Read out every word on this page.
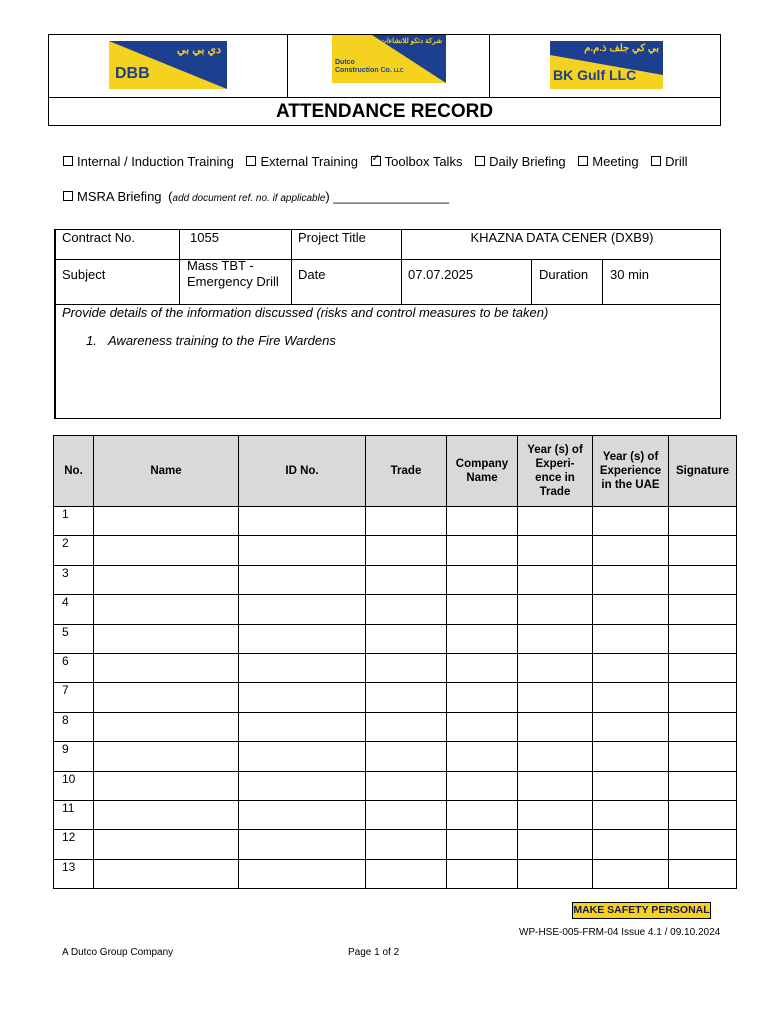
دي بي بي
DBB
شركة دتكو للانشاءات ذ.م.م
Dutco
Construction Co. LLC
بي كي جلف ذ.م.م
BK Gulf LLC
ATTENDANCE RECORD
Internal / Induction Training External Training ✓ Toolbox Talks Daily Briefing Meeting Drill
MSRA Briefing (add document ref. no. if applicable) ________________
Contract No.	1055	Project Title	KHAZNA DATA CENER (DXB9)
Subject
Mass TBT -
Emergency Drill Date	07.07.2025	Duration 30 min
Provide details of the information discussed (risks and control measures to be taken)
1. Awareness training to the Fire Wardens
No.	Name	ID No.	Trade

Company
Name

Year (s) of
Experi-
ence in
Trade

Year (s) of
Experience
in the UAE

Signature

1							
2							
3							
4							
5							
6							
7							
8							
9							
10							
11							
12							
13							
MAKE SAFETY PERSONAL
WP-HSE-005-FRM-04 Issue 4.1 / 09.10.2024
A Dutco Group Company	Page 1 of 2
